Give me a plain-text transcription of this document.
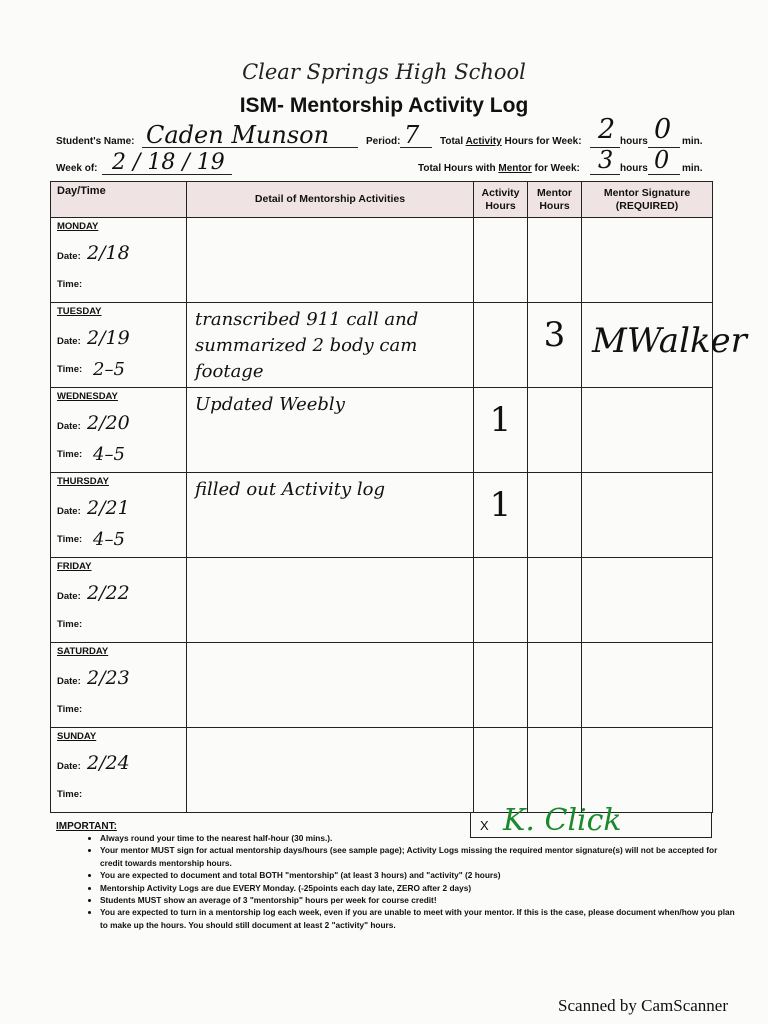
Clear Springs High School
ISM- Mentorship Activity Log
Student's Name: Caden Munson	Period: 7 Total Activity Hours for Week: 2 hours 0 min.
Week of: 2 / 18 / 19	Total Hours with Mentor for Week: 3 hours 0 min.
Day/Time	Detail of Mentorship Activities	Activity Hours	Mentor Hours	Mentor Signature (REQUIRED)

MONDAY
Date: 2/18
Time:				

TUESDAY
Date: 2/19
Time: 2–5	transcribed 911 call and summarized 2 body cam footage		3	MWalker

WEDNESDAY
Date: 2/20
Time: 4–5	Updated Weebly	1		

THURSDAY
Date: 2/21
Time: 4–5	filled out Activity log	1		

FRIDAY
Date: 2/22
Time:				

SATURDAY
Date: 2/23
Time:				

SUNDAY
Date: 2/24
Time:				

X K. Click
IMPORTANT:
• Always round your time to the nearest half-hour (30 mins.).
• Your mentor MUST sign for actual mentorship days/hours (see sample page); Activity Logs missing the required mentor signature(s) will not be accepted for credit towards mentorship hours.
• You are expected to document and total BOTH "mentorship" (at least 3 hours) and "activity" (2 hours)
• Mentorship Activity Logs are due EVERY Monday. (-25points each day late, ZERO after 2 days)
• Students MUST show an average of 3 "mentorship" hours per week for course credit!
• You are expected to turn in a mentorship log each week, even if you are unable to meet with your mentor. If this is the case, please document when/how you plan to make up the hours. You should still document at least 2 "activity" hours.
Scanned by CamScanner
